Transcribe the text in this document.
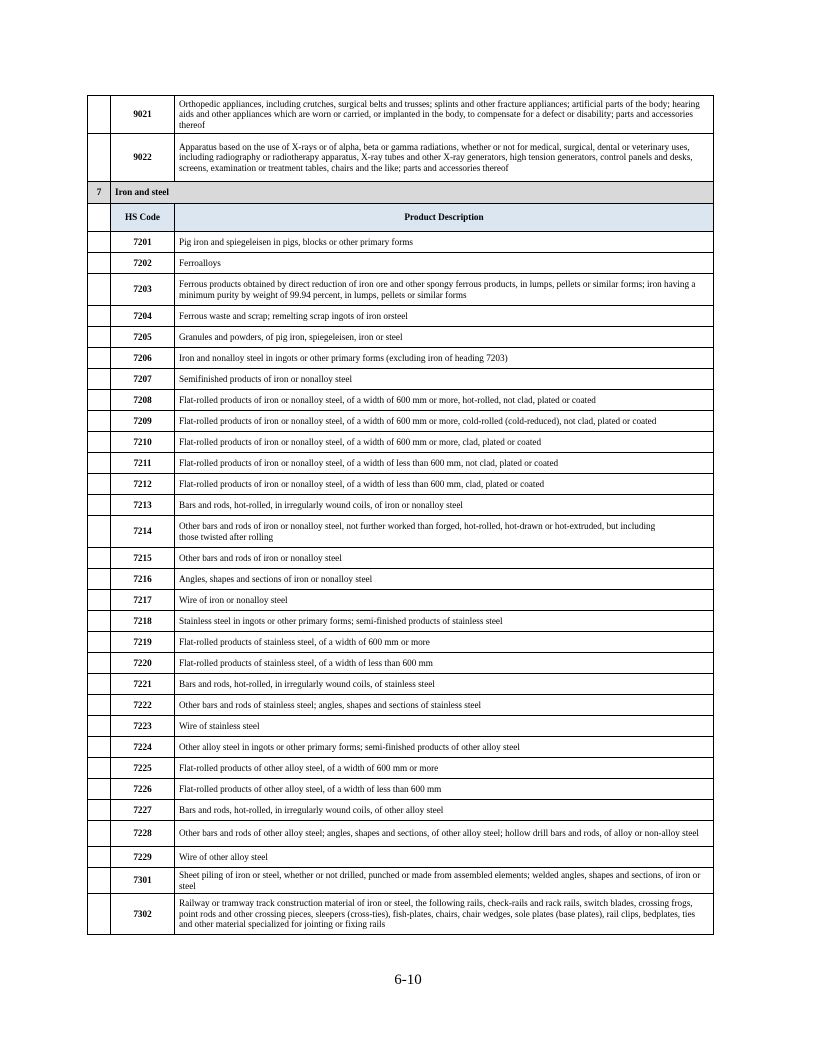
	9021	Orthopedic appliances, including crutches, surgical belts and trusses; splints and other fracture appliances; artificial parts of the body; hearing aids and other appliances which are worn or carried, or implanted in the body, to compensate for a defect or disability; parts and accessories thereof
	9022	Apparatus based on the use of X-rays or of alpha, beta or gamma radiations, whether or not for medical, surgical, dental or veterinary uses, including radiography or radiotherapy apparatus, X-ray tubes and other X-ray generators, high tension generators, control panels and desks, screens, examination or treatment tables, chairs and the like; parts and accessories thereof
7	Iron and steel	
	HS Code	Product Description
	7201	Pig iron and spiegeleisen in pigs, blocks or other primary forms
	7202	Ferroalloys
	7203	Ferrous products obtained by direct reduction of iron ore and other spongy ferrous products, in lumps, pellets or similar forms; iron having a minimum purity by weight of 99.94 percent, in lumps, pellets or similar forms
	7204	Ferrous waste and scrap; remelting scrap ingots of iron orsteel
	7205	Granules and powders, of pig iron, spiegeleisen, iron or steel
	7206	Iron and nonalloy steel in ingots or other primary forms (excluding iron of heading 7203)
	7207	Semifinished products of iron or nonalloy steel
	7208	Flat-rolled products of iron or nonalloy steel, of a width of 600 mm or more, hot-rolled, not clad, plated or coated
	7209	Flat-rolled products of iron or nonalloy steel, of a width of 600 mm or more, cold-rolled (cold-reduced), not clad, plated or coated
	7210	Flat-rolled products of iron or nonalloy steel, of a width of 600 mm or more, clad, plated or coated
	7211	Flat-rolled products of iron or nonalloy steel, of a width of less than 600 mm, not clad, plated or coated
	7212	Flat-rolled products of iron or nonalloy steel, of a width of less than 600 mm, clad, plated or coated
	7213	Bars and rods, hot-rolled, in irregularly wound coils, of iron or nonalloy steel
	7214	Other bars and rods of iron or nonalloy steel, not further worked than forged, hot-rolled, hot-drawn or hot-extruded, but including
those twisted after rolling
	7215	Other bars and rods of iron or nonalloy steel
	7216	Angles, shapes and sections of iron or nonalloy steel
	7217	Wire of iron or nonalloy steel
	7218	Stainless steel in ingots or other primary forms; semi-finished products of stainless steel
	7219	Flat-rolled products of stainless steel, of a width of 600 mm or more
	7220	Flat-rolled products of stainless steel, of a width of less than 600 mm
	7221	Bars and rods, hot-rolled, in irregularly wound coils, of stainless steel
	7222	Other bars and rods of stainless steel; angles, shapes and sections of stainless steel
	7223	Wire of stainless steel
	7224	Other alloy steel in ingots or other primary forms; semi-finished products of other alloy steel
	7225	Flat-rolled products of other alloy steel, of a width of 600 mm or more
	7226	Flat-rolled products of other alloy steel, of a width of less than 600 mm
	7227	Bars and rods, hot-rolled, in irregularly wound coils, of other alloy steel
	7228	Other bars and rods of other alloy steel; angles, shapes and sections, of other alloy steel; hollow drill bars and rods, of alloy or non-alloy steel
	7229	Wire of other alloy steel
	7301	Sheet piling of iron or steel, whether or not drilled, punched or made from assembled elements; welded angles, shapes and sections, of iron or steel
	7302	Railway or tramway track construction material of iron or steel, the following rails, check-rails and rack rails, switch blades, crossing frogs, point rods and other crossing pieces, sleepers (cross-ties), fish-plates, chairs, chair wedges, sole plates (base plates), rail clips, bedplates, ties and other material specialized for jointing or fixing rails
6-10
